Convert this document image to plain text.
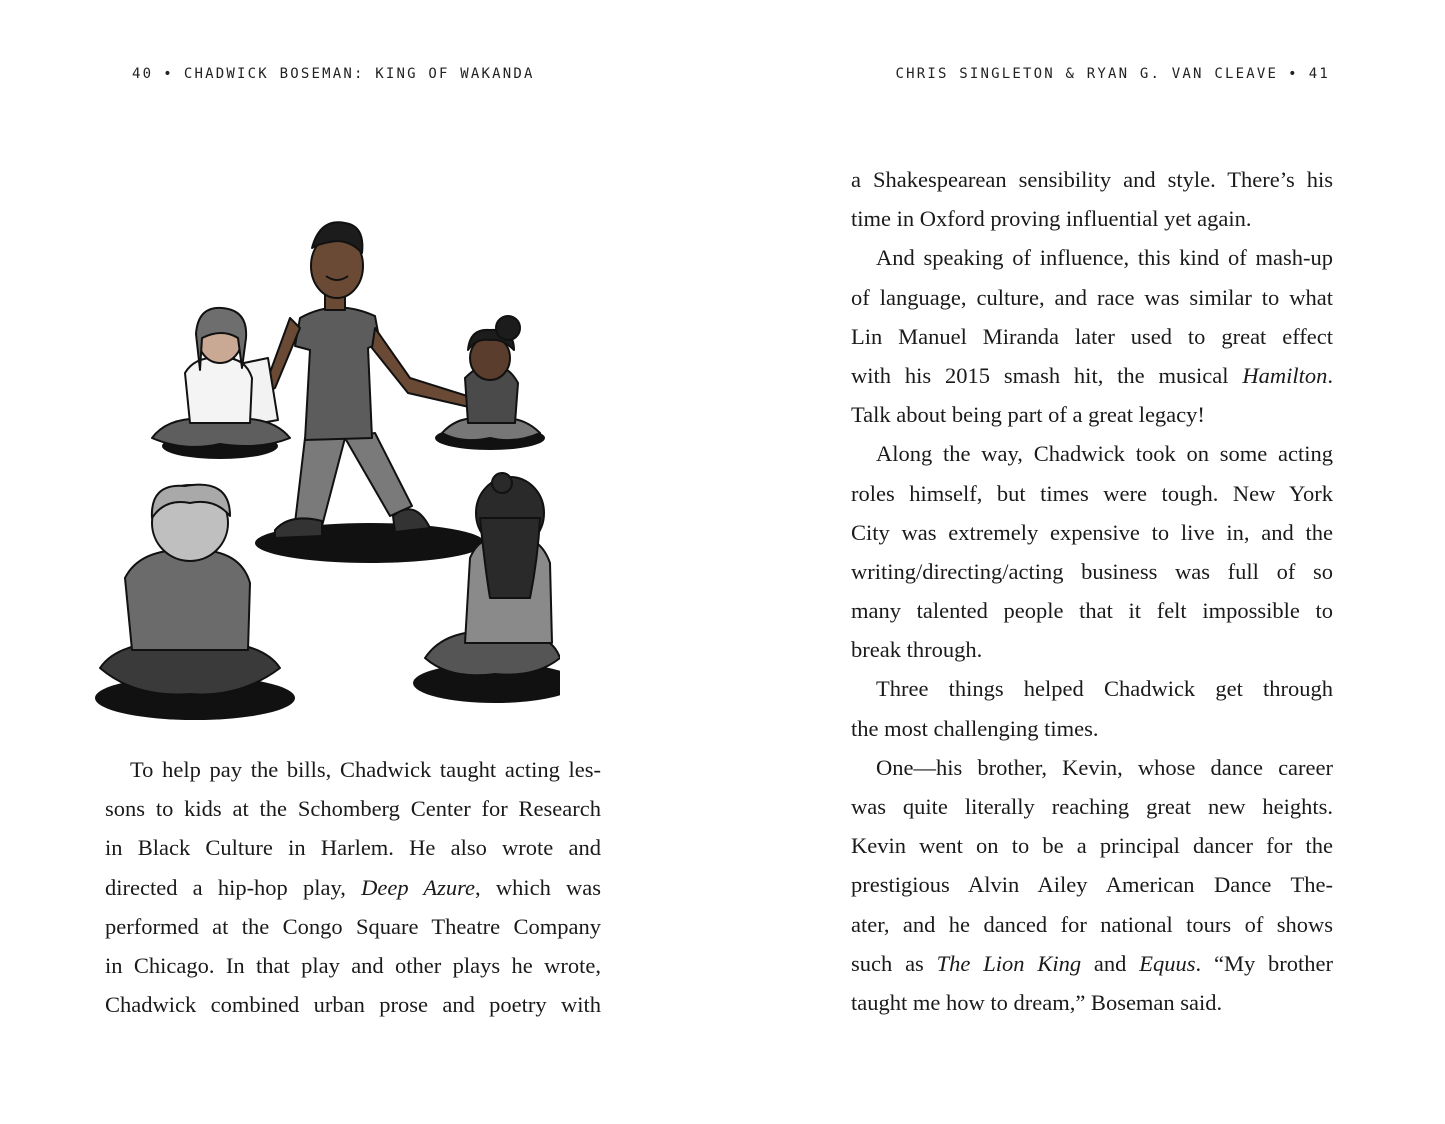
40 • CHADWICK BOSEMAN: KING OF WAKANDA
To help pay the bills, Chadwick taught acting les-
sons to kids at the Schomberg Center for Research
in Black Culture in Harlem. He also wrote and
directed a hip-hop play, Deep Azure, which was
performed at the Congo Square Theatre Company
in Chicago. In that play and other plays he wrote,
Chadwick combined urban prose and poetry with
CHRIS SINGLETON & RYAN G. VAN CLEAVE • 41
a Shakespearean sensibility and style. There’s his
time in Oxford proving influential yet again.
And speaking of influence, this kind of mash-up
of language, culture, and race was similar to what
Lin Manuel Miranda later used to great effect
with his 2015 smash hit, the musical Hamilton.
Talk about being part of a great legacy!
Along the way, Chadwick took on some acting
roles himself, but times were tough. New York
City was extremely expensive to live in, and the
writing/directing/acting business was full of so
many talented people that it felt impossible to
break through.
Three things helped Chadwick get through
the most challenging times.
One—his brother, Kevin, whose dance career
was quite literally reaching great new heights.
Kevin went on to be a principal dancer for the
prestigious Alvin Ailey American Dance The-
ater, and he danced for national tours of shows
such as The Lion King and Equus. “My brother
taught me how to dream,” Boseman said.
